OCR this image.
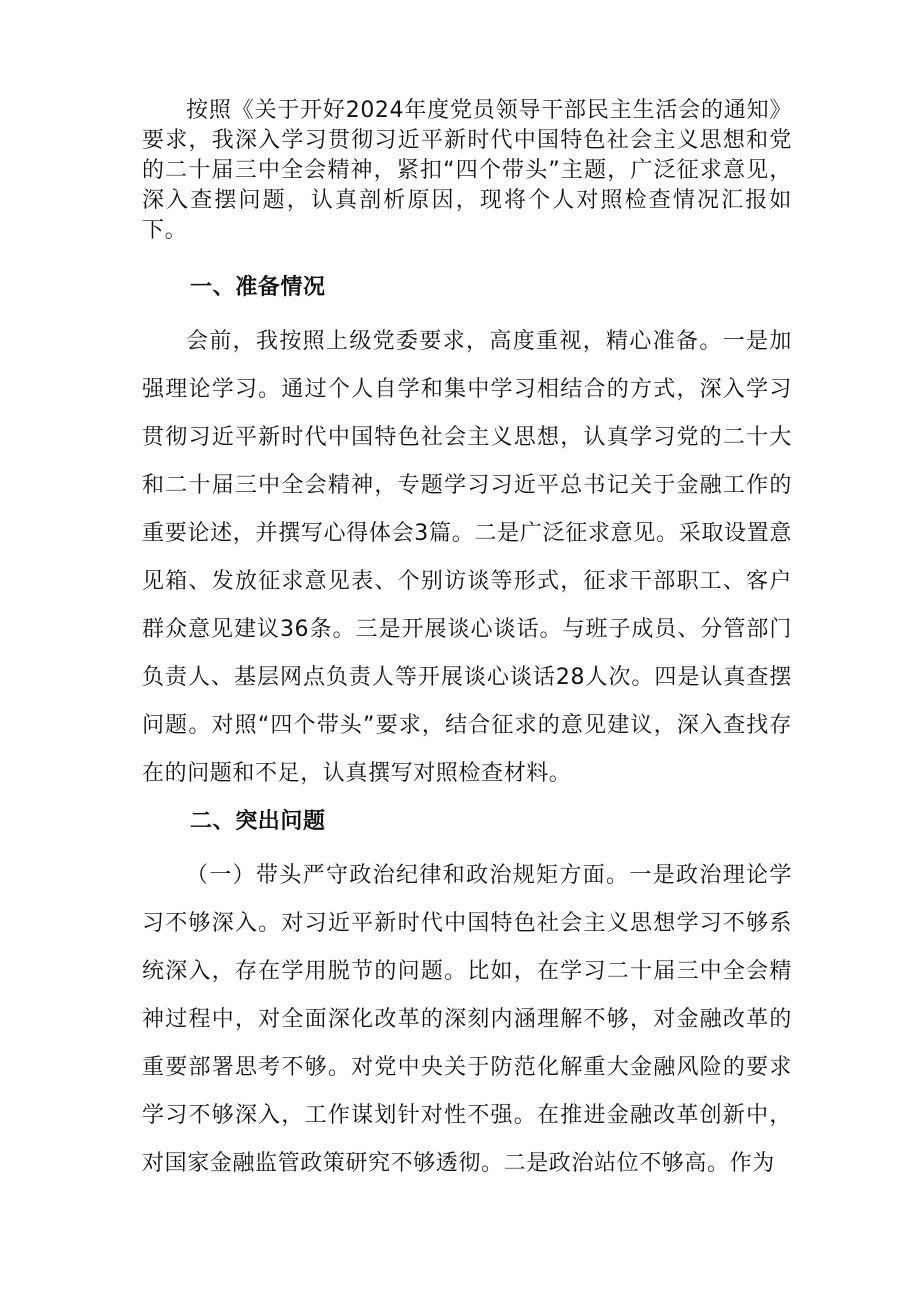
按照《关于开好2024年度党员领导干部民主生活会的通知》要求，我深入学习贯彻习近平新时代中国特色社会主义思想和党的二十届三中全会精神，紧扣“四个带头”主题，广泛征求意见，深入查摆问题，认真剖析原因，现将个人对照检查情况汇报如下。

一、准备情况

会前，我按照上级党委要求，高度重视，精心准备。一是加强理论学习。通过个人自学和集中学习相结合的方式，深入学习贯彻习近平新时代中国特色社会主义思想，认真学习党的二十大和二十届三中全会精神，专题学习习近平总书记关于金融工作的重要论述，并撰写心得体会3篇。二是广泛征求意见。采取设置意见箱、发放征求意见表、个别访谈等形式，征求干部职工、客户群众意见建议36条。三是开展谈心谈话。与班子成员、分管部门负责人、基层网点负责人等开展谈心谈话28人次。四是认真查摆问题。对照“四个带头”要求，结合征求的意见建议，深入查找存在的问题和不足，认真撰写对照检查材料。

二、突出问题

（一）带头严守政治纪律和政治规矩方面。一是政治理论学习不够深入。对习近平新时代中国特色社会主义思想学习不够系统深入，存在学用脱节的问题。比如，在学习二十届三中全会精神过程中，对全面深化改革的深刻内涵理解不够，对金融改革的重要部署思考不够。对党中央关于防范化解重大金融风险的要求学习不够深入，工作谋划针对性不强。在推进金融改革创新中，对国家金融监管政策研究不够透彻。二是政治站位不够高。作为
